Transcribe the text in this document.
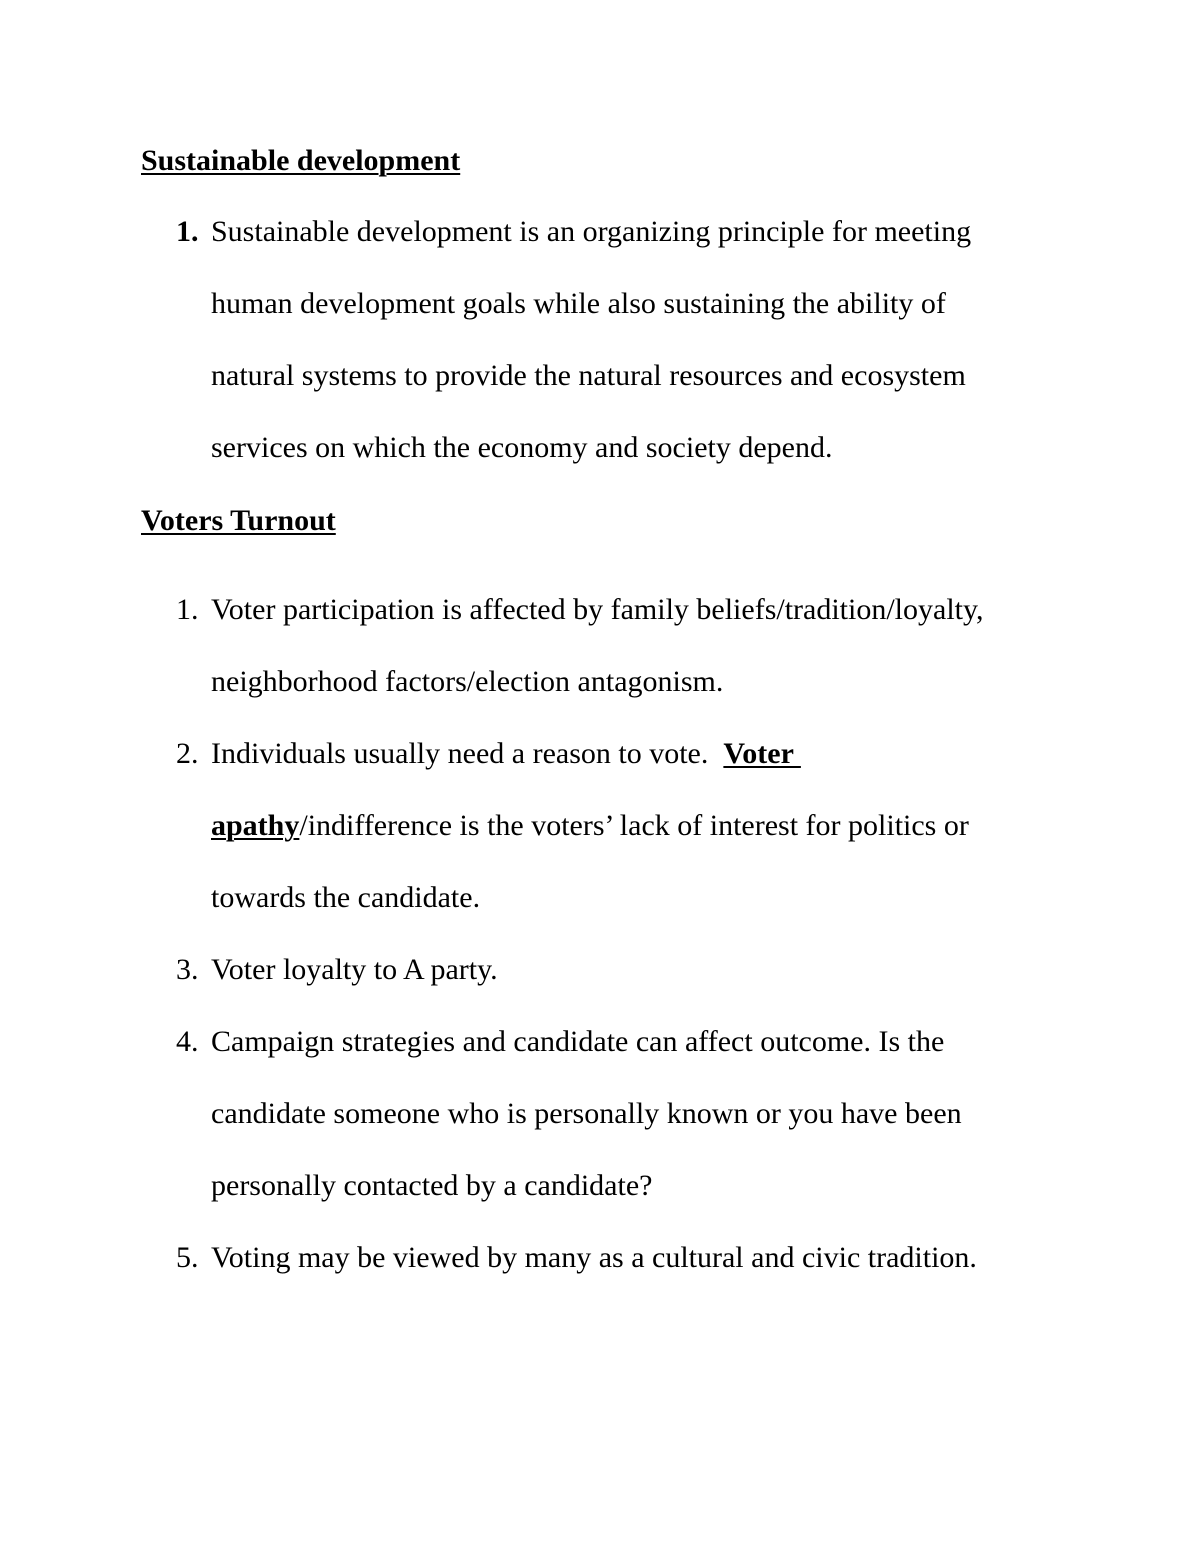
Sustainable development
1. Sustainable development is an organizing principle for meeting
human development goals while also sustaining the ability of
natural systems to provide the natural resources and ecosystem
services on which the economy and society depend.
Voters Turnout
1. Voter participation is affected by family beliefs/tradition/loyalty,
neighborhood factors/election antagonism.
2. Individuals usually need a reason to vote.  Voter
apathy/indifference is the voters’ lack of interest for politics or
towards the candidate.
3. Voter loyalty to A party.
4. Campaign strategies and candidate can affect outcome. Is the
candidate someone who is personally known or you have been
personally contacted by a candidate?
5. Voting may be viewed by many as a cultural and civic tradition.
